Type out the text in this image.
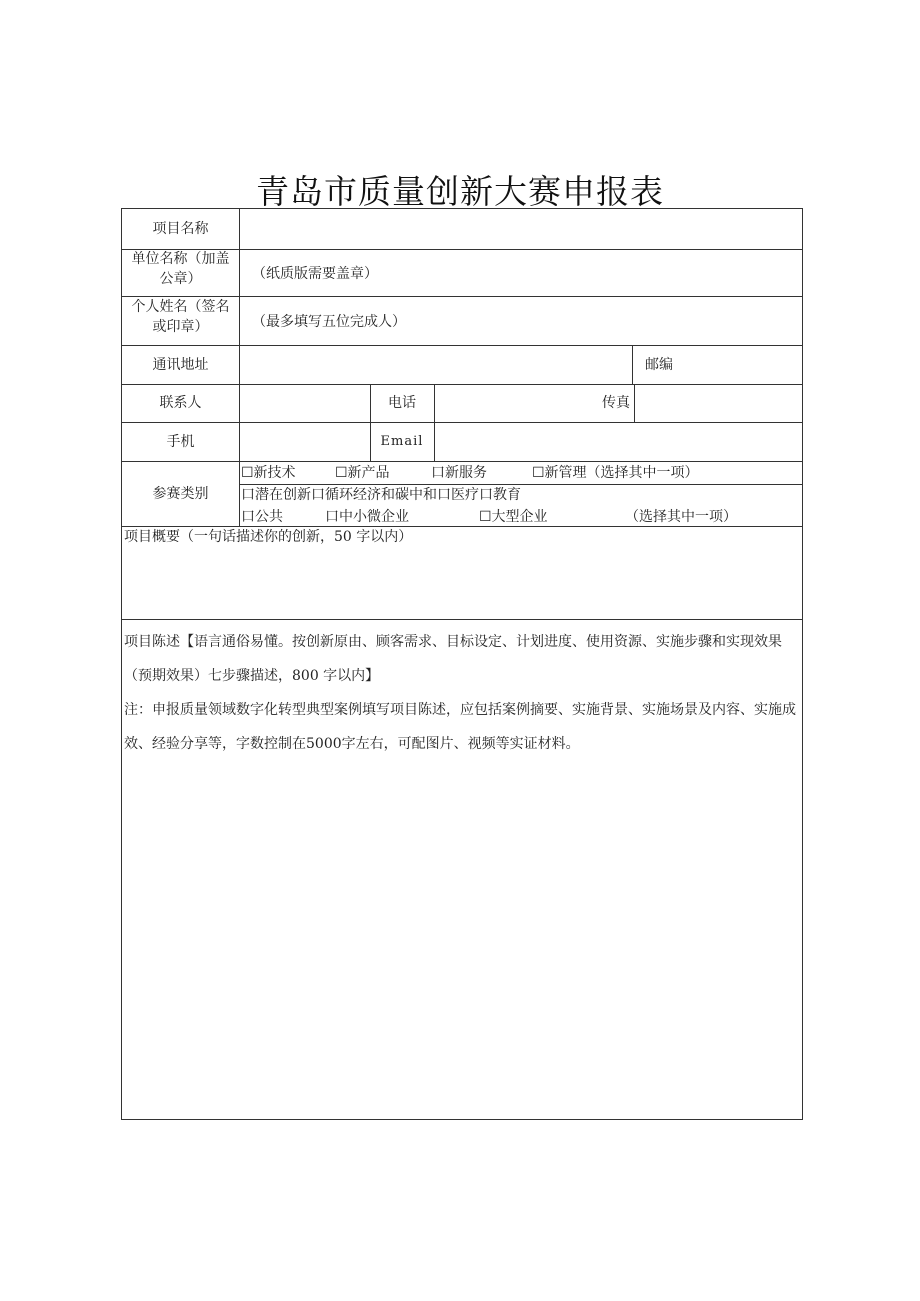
青岛市质量创新大赛申报表
项目名称
单位名称（加盖
公章）	（纸质版需要盖章）
个人姓名（签名
或印章）	（最多填写五位完成人）
通讯地址	邮编
联系人	电话	传真
手机	Email
参赛类别
☐新技术	☐新产品	口新服务	☐新管理（选择其中一项）
口潜在创新口循环经济和碳中和口医疗口教育
口公共	口中小微企业	☐大型企业	（选择其中一项）
项目概要（一句话描述你的创新，50 字以内）
项目陈述【语言通俗易懂。按创新原由、顾客需求、目标设定、计划进度、使用资源、实施步骤和实现效果（预期效果）七步骤描述，800 字以内】
注：申报质量领域数字化转型典型案例填写项目陈述，应包括案例摘要、实施背景、实施场景及内容、实施成效、经验分享等，字数控制在5000字左右，可配图片、视频等实证材料。
